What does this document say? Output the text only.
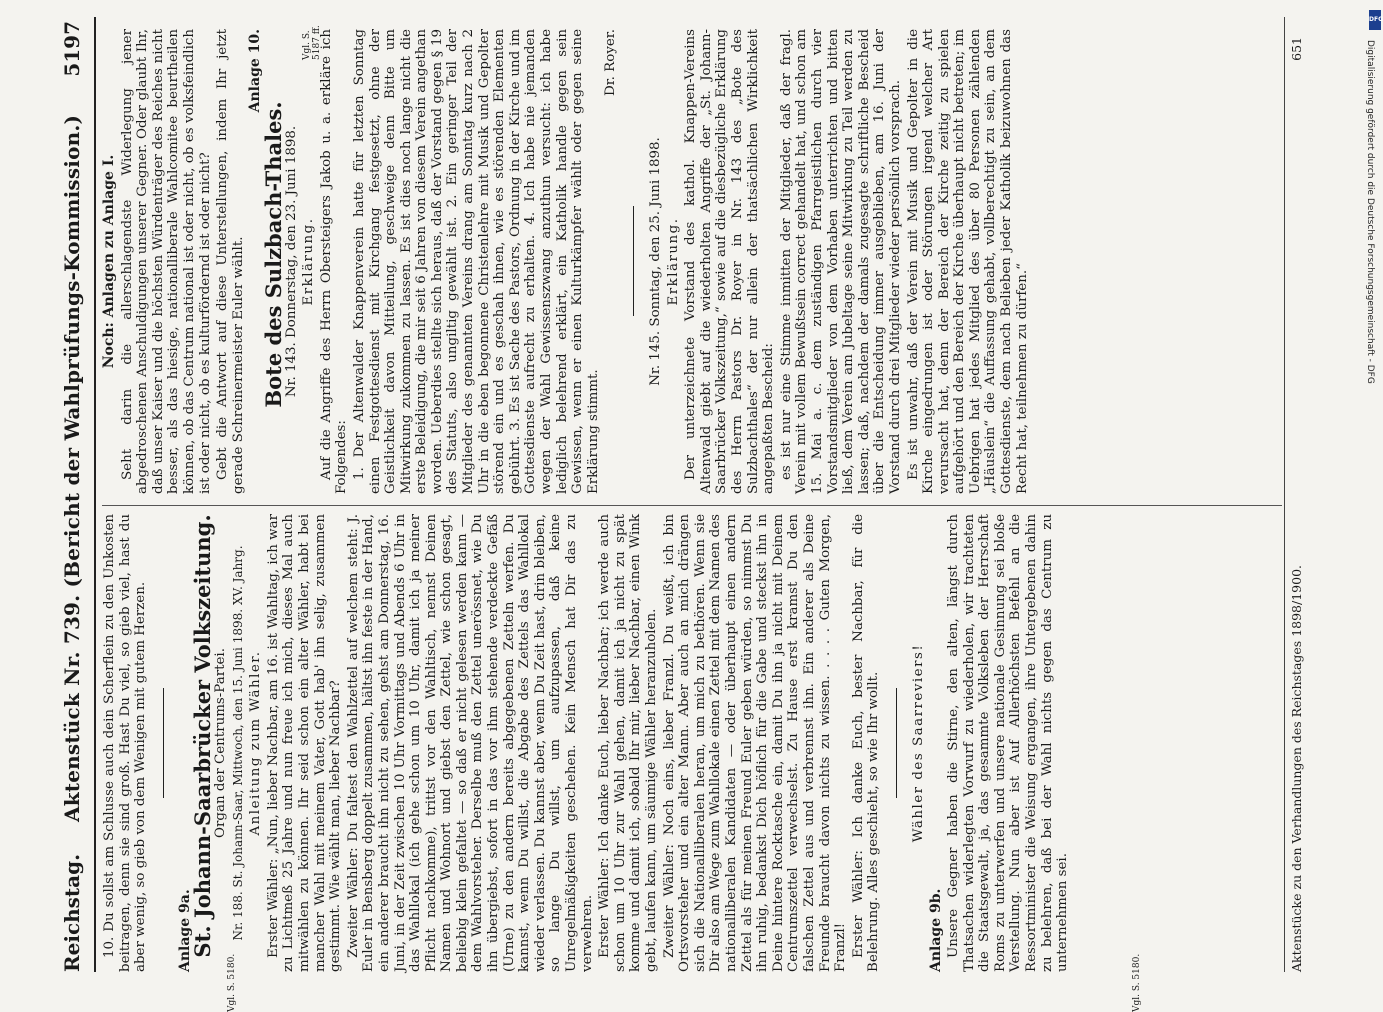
Reichstag.
Aktenstück Nr. 739. (Bericht der Wahlprüfungs-Kommission.)
5197

10. Du sollst am Schlusse auch dein Scherflein zu den Unkosten beitragen, denn sie sind groß. Hast Du viel, so gieb viel, hast du aber wenig, so gieb von dem Wenigen mit gutem Herzen. Anlage 9a.

St. Johann-Saarbrücker Volkszeitung.

Organ der Centrums-Partei. Nr. 188. St. Johann-Saar, Mittwoch, den 15. Juni 1898. XV. Jahrg. Anleitung zum Wähler. Erster Wähler: „Nun, lieber Nachbar, am 16. ist Wahltag, ich war zu Lichtmeß 25 Jahre und nun freue ich mich, dieses Mal auch mitwählen zu können. Ihr seid schon ein alter Wähler, habt bei mancher Wahl mit meinem Vater, Gott hab' ihn selig, zusammen gestimmt. Wie wählt man, lieber Nachbar? Zweiter Wähler: Du faltest den Wahlzettel auf welchem steht: J. Euler in Bensberg doppelt zusammen, hältst ihn feste in der Hand, ein anderer braucht ihn nicht zu sehen, gehst am Donnerstag, 16. Juni, in der Zeit zwischen 10 Uhr Vormittags und Abends 6 Uhr in das Wahllokal (ich gehe schon um 10 Uhr, damit ich ja meiner Pflicht nachkomme), trittst vor den Wahltisch, nennst Deinen Namen und Wohnort und giebst den Zettel, wie schon gesagt, beliebig klein gefaltet — so daß er nicht gelesen werden kann — dem Wahlvorsteher. Derselbe muß den Zettel unerössnet, wie Du ihn übergiebst, sofort in das vor ihm stehende verdeckte Gefäß (Urne) zu den andern bereits abgegebenen Zetteln werfen. Du kannst, wenn Du willst, die Abgabe des Zettels das Wahllokal wieder verlassen. Du kannst aber, wenn Du Zeit hast, drin bleiben, so lange Du willst, um aufzupassen, daß keine Unregelmäßigkeiten geschehen. Kein Mensch hat Dir das zu verwehren. Erster Wähler: Ich danke Euch, lieber Nachbar; ich werde auch schon um 10 Uhr zur Wahl gehen, damit ich ja nicht zu spät komme und damit ich, sobald Ihr mir, lieber Nachbar, einen Wink gebt, laufen kann, um säumige Wähler heranzuholen. Zweiter Wähler: Noch eins, lieber Franzl. Du weißt, ich bin Ortsvorsteher und ein alter Mann. Aber auch an mich drängen sich die Nationalliberalen heran, um mich zu bethören. Wenn sie Dir also am Wege zum Wahllokale einen Zettel mit dem Namen des nationalliberalen Kandidaten — oder überhaupt einen andern Zettel als für meinen Freund Euler geben würden, so nimmst Du ihn ruhig, bedankst Dich höflich für die Gabe und steckst ihn in Deine hintere Rocktasche ein, damit Du ihn ja nicht mit Deinem Centrumszettel verwechselst. Zu Hause erst kramst Du den falschen Zettel aus und verbrennst ihn. Ein anderer als Deine Freunde braucht davon nichts zu wissen. . . . . Guten Morgen, Franzl! Erster Wähler: Ich danke Euch, bester Nachbar, für die Belehrung. Alles geschieht, so wie Ihr wollt. Wähler des Saarreviers!

Anlage 9b. Unsere Gegner haben die Stirne, den alten, längst durch Thatsachen widerlegten Vorwurf zu wiederholen, wir trachteten die Staatsgewalt, ja, das gesammte Volksleben der Herrschaft Roms zu unterwerfen und unsere nationale Gesinnung sei bloße Verstellung. Nun aber ist Auf Allerhöchsten Befehl an die Ressortminister die Weisung ergangen, ihre Untergebenen dahin zu belehren, daß bei der Wahl nichts gegen das Centrum zu unternehmen sei.

Noch: Anlagen zu Anlage I. Seht darin die allerschlagendste Widerlegung jener abgedroschenen Anschuldigungen unserer Gegner. Oder glaubt Ihr, daß unser Kaiser und die höchsten Würdenträger des Reiches nicht besser, als das hiesige, nationalliberale Wahlcomitee beurtheilen können, ob das Centrum national ist oder nicht, ob es volksfeindlich ist oder nicht, ob es kulturfördernd ist oder nicht? Gebt die Antwort auf diese Unterstellungen, indem Ihr jetzt gerade Schreinermeister Euler wählt.

Anlage 10.

Bote des Sulzbach-Thales.

Nr. 143. Donnerstag, den 23. Juni 1898. Erklärung. Auf die Angriffe des Herrn Obersteigers Jakob u. a. erkläre ich Folgendes: 1. Der Altenwalder Knappenverein hatte für letzten Sonntag einen Festgottesdienst mit Kirchgang festgesetzt, ohne der Geistlichkeit davon Mitteilung, geschweige denn Bitte um Mitwirkung zukommen zu lassen. Es ist dies noch lange nicht die erste Beleidigung, die mir seit 6 Jahren von diesem Verein angethan worden. Ueberdies stellte sich heraus, daß der Vorstand gegen § 19 des Statuts, also ungiltig gewählt ist. 2. Ein geringer Teil der Mitglieder des genannten Vereins drang am Sonntag kurz nach 2 Uhr in die eben begonnene Christenlehre mit Musik und Gepolter störend ein und es geschah ihnen, wie es störenden Elementen gebührt. 3. Es ist Sache des Pastors, Ordnung in der Kirche und im Gottesdienste aufrecht zu erhalten. 4. Ich habe nie jemanden wegen der Wahl Gewissenszwang anzuthun versucht: ich habe lediglich belehrend erklärt, ein Katholik handle gegen sein Gewissen, wenn er einen Kulturkämpfer wählt oder gegen seine Erklärung stimmt.

Dr. Royer.

Nr. 145. Sonntag, den 25. Juni 1898. Erklärung. Der unterzeichnete Vorstand des kathol. Knappen-Vereins Altenwald giebt auf die wiederholten Angriffe der „St. Johann-Saarbrücker Volkszeitung,“ sowie auf die diesbezügliche Erklärung des Herrn Pastors Dr. Royer in Nr. 143 des „Bote des Sulzbachthales“ der nur allein der thatsächlichen Wirklichkeit angepaßten Bescheid: es ist nur eine Stimme inmitten der Mitglieder, daß der fragl. Verein mit vollem Bewußtsein correct gehandelt hat, und schon am 15. Mai a. c. dem zuständigen Pfarrgeistlichen durch vier Vorstandsmitglieder von dem Vorhaben unterrichten und bitten ließ, dem Verein am Jubeltage seine Mitwirkung zu Teil werden zu lassen; daß, nachdem der damals zugesagte schriftliche Bescheid über die Entscheidung immer ausgeblieben, am 16. Juni der Vorstand durch drei Mitglieder wieder persönlich vorsprach. Es ist unwahr, daß der Verein mit Musik und Gepolter in die Kirche eingedrungen ist oder Störungen irgend welcher Art verursacht hat, denn der Bereich der Kirche zeitig zu spielen aufgehört und den Bereich der Kirche überhaupt nicht betreten; im Uebrigen hat jedes Mitglied des über 80 Personen zählenden „Häuslein“ die Auffassung gehabt, vollberechtigt zu sein, an dem Gottesdienste, dem nach Belieben jeder Katholik beizuwohnen das Recht hat, teilnehmen zu dürfen.“

Aktenstücke zu den Verhandlungen des Reichstages 1898/1900.
651
Vgl. S. 5180.	Vgl. S. 5180.
Vgl. S. 5187 ff.
DFG
Digitalisierung gefördert durch die Deutsche Forschungsgemeinschaft - DFG
